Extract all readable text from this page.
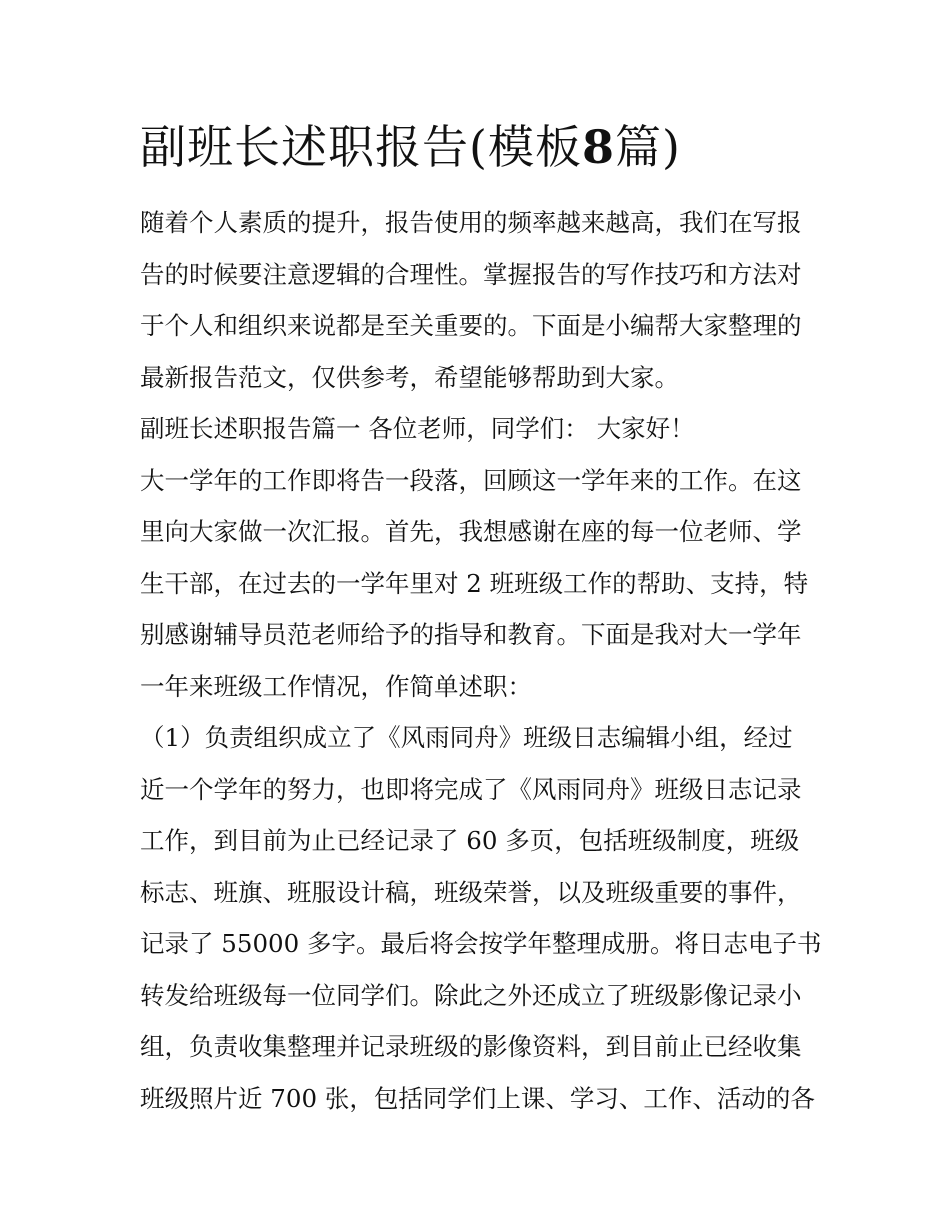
副班长述职报告(模板8篇)
随着个人素质的提升，报告使用的频率越来越高，我们在写报
告的时候要注意逻辑的合理性。掌握报告的写作技巧和方法对
于个人和组织来说都是至关重要的。下面是小编帮大家整理的
最新报告范文，仅供参考，希望能够帮助到大家。
副班长述职报告篇一 各位老师，同学们： 大家好！
大一学年的工作即将告一段落，回顾这一学年来的工作。在这
里向大家做一次汇报。首先，我想感谢在座的每一位老师、学
生干部，在过去的一学年里对 2 班班级工作的帮助、支持，特
别感谢辅导员范老师给予的指导和教育。下面是我对大一学年
一年来班级工作情况，作简单述职：
（1）负责组织成立了《风雨同舟》班级日志编辑小组，经过
近一个学年的努力，也即将完成了《风雨同舟》班级日志记录
工作，到目前为止已经记录了 60 多页，包括班级制度，班级
标志、班旗、班服设计稿，班级荣誉，以及班级重要的事件，
记录了 55000 多字。最后将会按学年整理成册。将日志电子书
转发给班级每一位同学们。除此之外还成立了班级影像记录小
组，负责收集整理并记录班级的影像资料，到目前止已经收集
班级照片近 700 张，包括同学们上课、学习、工作、活动的各
